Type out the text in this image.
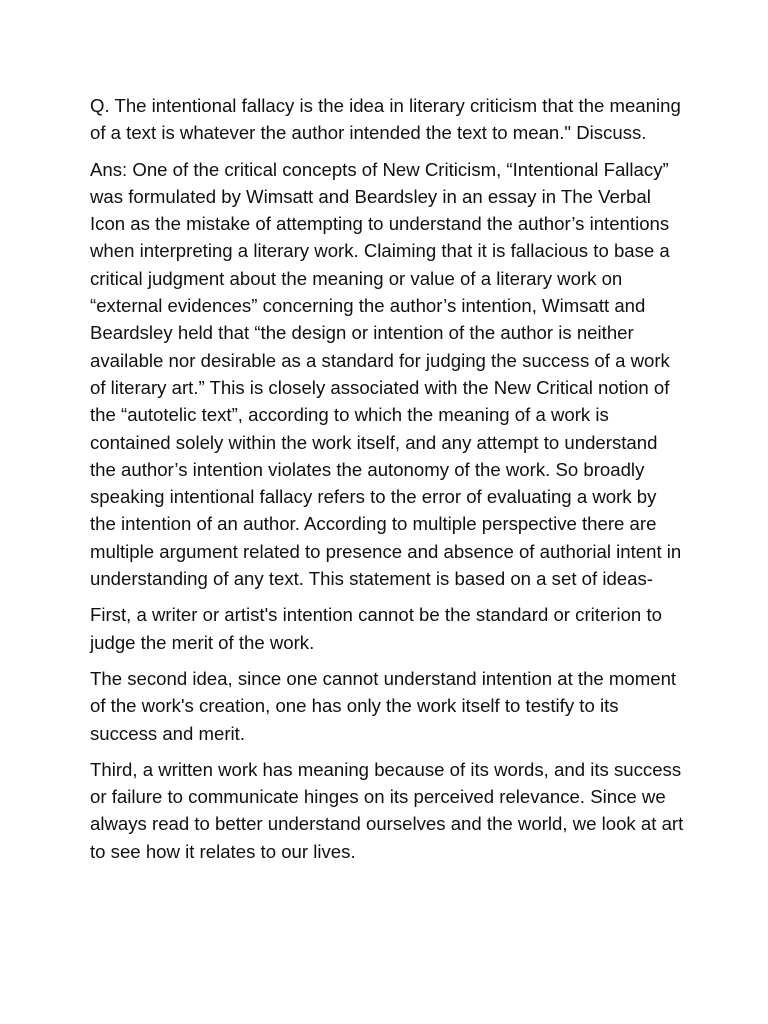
Q. The intentional fallacy is the idea in literary criticism that the meaning of a text is whatever the author intended the text to mean." Discuss.

Ans: One of the critical concepts of New Criticism, “Intentional Fallacy” was formulated by Wimsatt and Beardsley in an essay in The Verbal Icon as the mistake of attempting to understand the author’s intentions when interpreting a literary work. Claiming that it is fallacious to base a critical judgment about the meaning or value of a literary work on “external evidences” concerning the author’s intention, Wimsatt and Beardsley held that “the design or intention of the author is neither available nor desirable as a standard for judging the success of a work of literary art.” This is closely associated with the New Critical notion of the “autotelic text”, according to which the meaning of a work is contained solely within the work itself, and any attempt to understand the author’s intention violates the autonomy of the work. So broadly speaking intentional fallacy refers to the error of evaluating a work by the intention of an author. According to multiple perspective there are multiple argument related to presence and absence of authorial intent in understanding of any text. This statement is based on a set of ideas-

First, a writer or artist's intention cannot be the standard or criterion to judge the merit of the work.

The second idea, since one cannot understand intention at the moment of the work's creation, one has only the work itself to testify to its success and merit.

Third, a written work has meaning because of its words, and its success or failure to communicate hinges on its perceived relevance. Since we always read to better understand ourselves and the world, we look at art to see how it relates to our lives.
